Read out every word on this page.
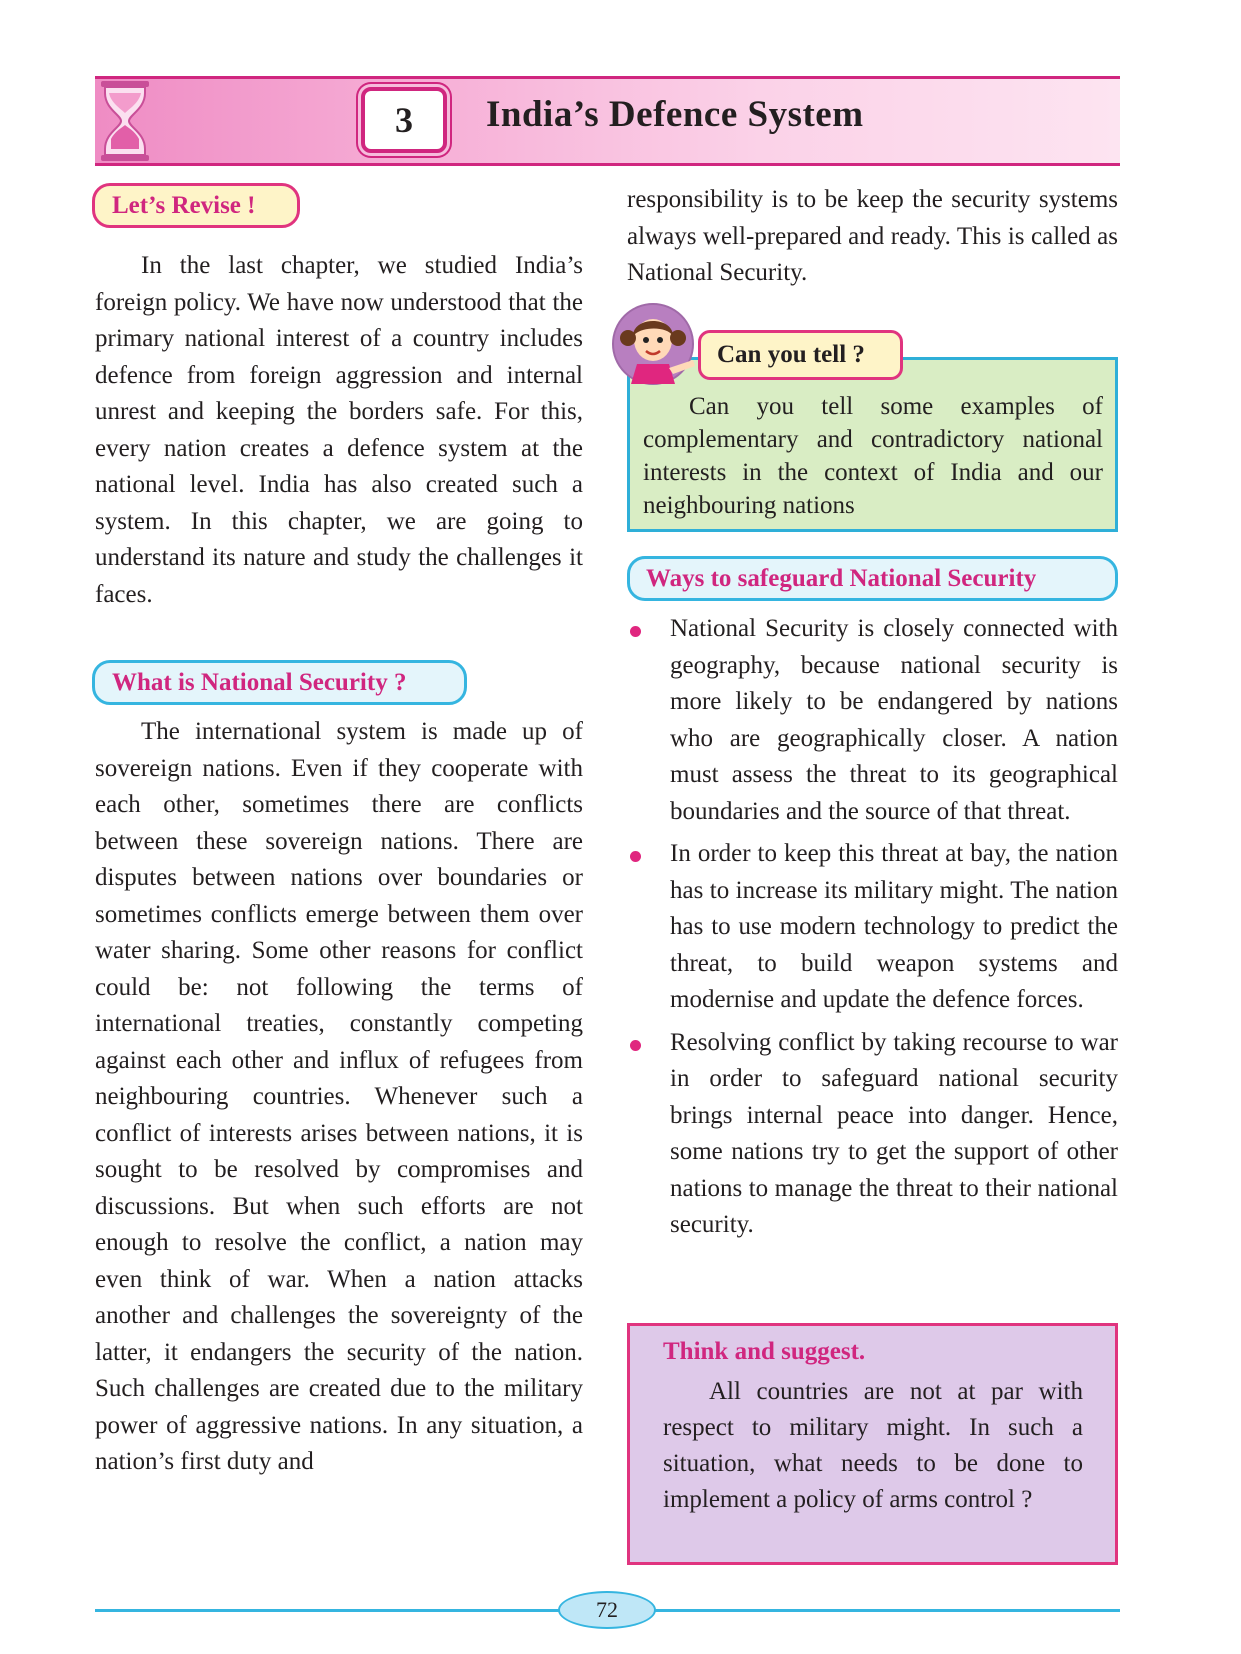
3	India’s Defence System
Let’s Revise !

In the last chapter, we studied India’s foreign policy. We have now understood that the primary national interest of a country includes defence from foreign aggression and internal unrest and keeping the borders safe. For this, every nation creates a defence system at the national level. India has also created such a system. In this chapter, we are going to understand its nature and study the challenges it faces.

What is National Security ?

The international system is made up of sovereign nations. Even if they cooperate with each other, sometimes there are conflicts between these sovereign nations. There are disputes between nations over boundaries or sometimes conflicts emerge between them over water sharing. Some other reasons for conflict could be: not following the terms of international treaties, constantly competing against each other and influx of refugees from neighbouring countries. Whenever such a conflict of interests arises between nations, it is sought to be resolved by compromises and discussions. But when such efforts are not enough to resolve the conflict, a nation may even think of war. When a nation attacks another and challenges the sovereignty of the latter, it endangers the security of the nation. Such challenges are created due to the military power of aggressive nations. In any situation, a nation’s first duty and

responsibility is to be keep the security systems always well-prepared and ready. This is called as National Security.

Can you tell ?

Can you tell some examples of complementary and contradictory national interests in the context of India and our neighbouring nations

Ways to safeguard National Security
National Security is closely connected with geography, because national security is more likely to be endangered by nations who are geographically closer. A nation must assess the threat to its geographical boundaries and the source of that threat.
In order to keep this threat at bay, the nation has to increase its military might. The nation has to use modern technology to predict the threat, to build weapon systems and modernise and update the defence forces.
Resolving conflict by taking recourse to war in order to safeguard national security brings internal peace into danger. Hence, some nations try to get the support of other nations to manage the threat to their national security.
Think and suggest.

All countries are not at par with respect to military might. In such a situation, what needs to be done to implement a policy of arms control ?

72
